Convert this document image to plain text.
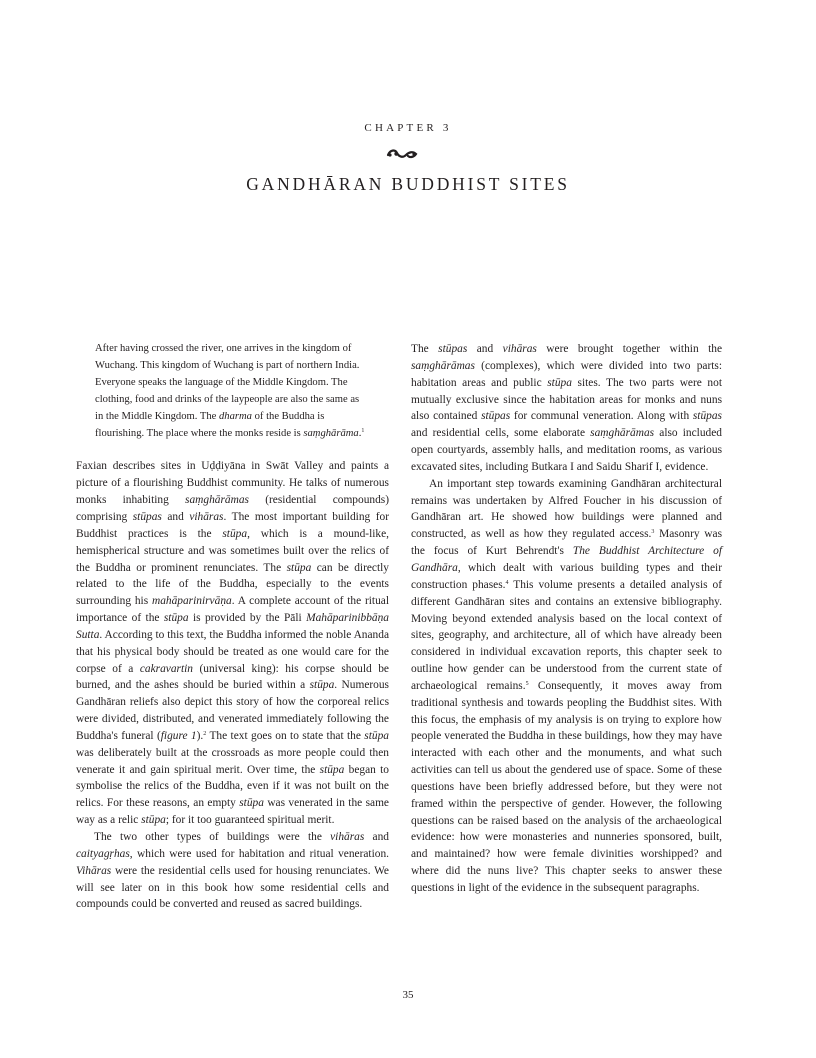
CHAPTER 3
GANDHĀRAN BUDDHIST SITES
After having crossed the river, one arrives in the kingdom of Wuchang. This kingdom of Wuchang is part of northern India. Everyone speaks the language of the Middle Kingdom. The clothing, food and drinks of the laypeople are also the same as in the Middle Kingdom. The dharma of the Buddha is flourishing. The place where the monks reside is saṃghārāma.$^1$

Faxian describes sites in Uḍḍiyāna in Swāt Valley and paints a picture of a flourishing Buddhist community. He talks of numerous monks inhabiting saṃghārāmas (residential compounds) comprising stūpas and vihāras. The most important building for Buddhist practices is the stūpa, which is a mound-like, hemispherical structure and was sometimes built over the relics of the Buddha or prominent renunciates. The stūpa can be directly related to the life of the Buddha, especially to the events surrounding his mahāparinirvāṇa. A complete account of the ritual importance of the stūpa is provided by the Pāli Mahāparinibbāṇa Sutta. According to this text, the Buddha informed the noble Ananda that his physical body should be treated as one would care for the corpse of a cakravartin (universal king): his corpse should be burned, and the ashes should be buried within a stūpa. Numerous Gandhāran reliefs also depict this story of how the corporeal relics were divided, distributed, and venerated immediately following the Buddha's funeral (figure 1).$^2$ The text goes on to state that the stūpa was deliberately built at the crossroads as more people could then venerate it and gain spiritual merit. Over time, the stūpa began to symbolise the relics of the Buddha, even if it was not built on the relics. For these reasons, an empty stūpa was venerated in the same way as a relic stūpa; for it too guaranteed spiritual merit.

The two other types of buildings were the vihāras and caityagṛhas, which were used for habitation and ritual veneration. Vihāras were the residential cells used for housing renunciates. We will see later on in this book how some residential cells and compounds could be converted and reused as sacred buildings.

The stūpas and vihāras were brought together within the saṃghārāmas (complexes), which were divided into two parts: habitation areas and public stūpa sites. The two parts were not mutually exclusive since the habitation areas for monks and nuns also contained stūpas for communal veneration. Along with stūpas and residential cells, some elaborate saṃghārāmas also included open courtyards, assembly halls, and meditation rooms, as various excavated sites, including Butkara I and Saidu Sharif I, evidence.

An important step towards examining Gandhāran architectural remains was undertaken by Alfred Foucher in his discussion of Gandhāran art. He showed how buildings were planned and constructed, as well as how they regulated access.$^3$ Masonry was the focus of Kurt Behrendt's The Buddhist Architecture of Gandhāra, which dealt with various building types and their construction phases.$^4$ This volume presents a detailed analysis of different Gandhāran sites and contains an extensive bibliography. Moving beyond extended analysis based on the local context of sites, geography, and architecture, all of which have already been considered in individual excavation reports, this chapter seek to outline how gender can be understood from the current state of archaeological remains.$^5$ Consequently, it moves away from traditional synthesis and towards peopling the Buddhist sites. With this focus, the emphasis of my analysis is on trying to explore how people venerated the Buddha in these buildings, how they may have interacted with each other and the monuments, and what such activities can tell us about the gendered use of space. Some of these questions have been briefly addressed before, but they were not framed within the perspective of gender. However, the following questions can be raised based on the analysis of the archaeological evidence: how were monasteries and nunneries sponsored, built, and maintained? how were female divinities worshipped? and where did the nuns live? This chapter seeks to answer these questions in light of the evidence in the subsequent paragraphs.

35
